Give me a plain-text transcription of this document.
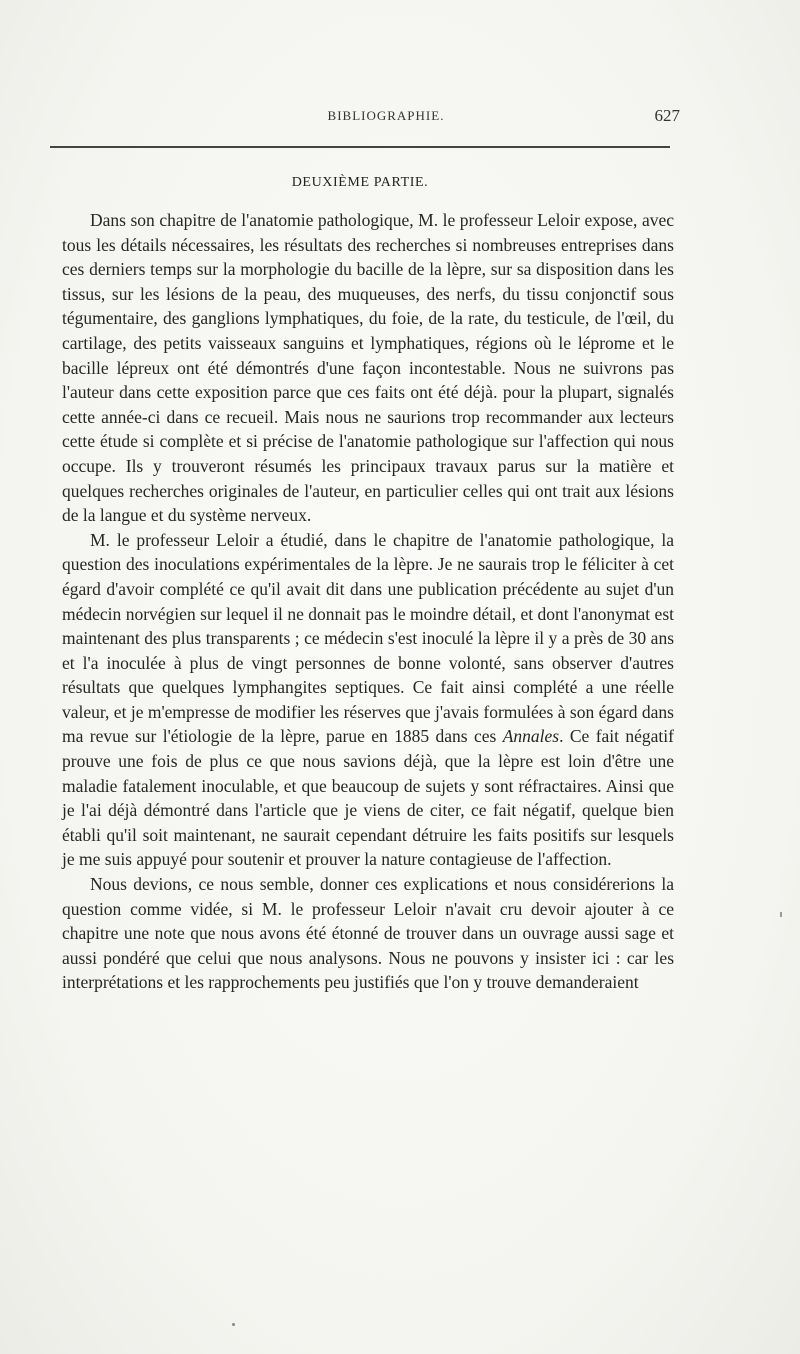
BIBLIOGRAPHIE.	627
DEUXIÈME PARTIE.

Dans son chapitre de l'anatomie pathologique, M. le professeur Leloir expose, avec tous les détails nécessaires, les résultats des recherches si nombreuses entreprises dans ces derniers temps sur la morphologie du bacille de la lèpre, sur sa disposition dans les tissus, sur les lésions de la peau, des muqueuses, des nerfs, du tissu conjonctif sous tégumentaire, des ganglions lymphatiques, du foie, de la rate, du testicule, de l'œil, du cartilage, des petits vaisseaux sanguins et lymphatiques, régions où le léprome et le bacille lépreux ont été démontrés d'une façon incontestable. Nous ne suivrons pas l'auteur dans cette exposition parce que ces faits ont été déjà. pour la plupart, signalés cette année-ci dans ce recueil. Mais nous ne saurions trop recommander aux lecteurs cette étude si complète et si précise de l'anatomie pathologique sur l'affection qui nous occupe. Ils y trouveront résumés les principaux travaux parus sur la matière et quelques recherches originales de l'auteur, en particulier celles qui ont trait aux lésions de la langue et du système nerveux.

M. le professeur Leloir a étudié, dans le chapitre de l'anatomie pathologique, la question des inoculations expérimentales de la lèpre. Je ne saurais trop le féliciter à cet égard d'avoir complété ce qu'il avait dit dans une publication précédente au sujet d'un médecin norvégien sur lequel il ne donnait pas le moindre détail, et dont l'anonymat est maintenant des plus transparents ; ce médecin s'est inoculé la lèpre il y a près de 30 ans et l'a inoculée à plus de vingt personnes de bonne volonté, sans observer d'autres résultats que quelques lymphangites septiques. Ce fait ainsi complété a une réelle valeur, et je m'empresse de modifier les réserves que j'avais formulées à son égard dans ma revue sur l'étiologie de la lèpre, parue en 1885 dans ces Annales. Ce fait négatif prouve une fois de plus ce que nous savions déjà, que la lèpre est loin d'être une maladie fatalement inoculable, et que beaucoup de sujets y sont réfractaires. Ainsi que je l'ai déjà démontré dans l'article que je viens de citer, ce fait négatif, quelque bien établi qu'il soit maintenant, ne saurait cependant détruire les faits positifs sur lesquels je me suis appuyé pour soutenir et prouver la nature contagieuse de l'affection.

Nous devions, ce nous semble, donner ces explications et nous considérerions la question comme vidée, si M. le professeur Leloir n'avait cru devoir ajouter à ce chapitre une note que nous avons été étonné de trouver dans un ouvrage aussi sage et aussi pondéré que celui que nous analysons. Nous ne pouvons y insister ici : car les interprétations et les rapprochements peu justifiés que l'on y trouve demanderaient
